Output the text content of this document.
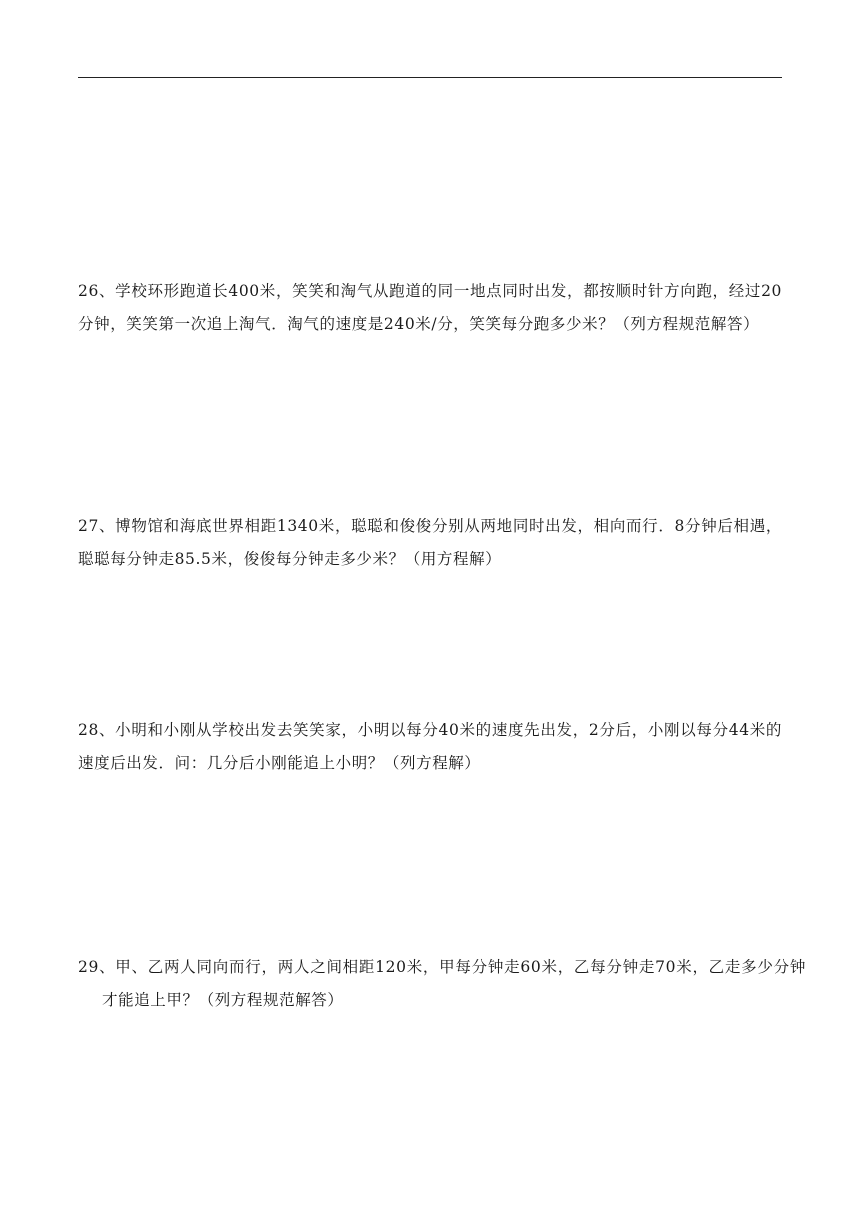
26、学校环形跑道长400米，笑笑和淘气从跑道的同一地点同时出发，都按顺时针方向跑，经过20分钟，笑笑第一次追上淘气．淘气的速度是240米/分，笑笑每分跑多少米？（列方程规范解答）
27、博物馆和海底世界相距1340米，聪聪和俊俊分别从两地同时出发，相向而行．8分钟后相遇，聪聪每分钟走85.5米，俊俊每分钟走多少米？（用方程解）
28、小明和小刚从学校出发去笑笑家，小明以每分40米的速度先出发，2分后，小刚以每分44米的速度后出发．问：几分后小刚能追上小明？（列方程解）
29、甲、乙两人同向而行，两人之间相距120米，甲每分钟走60米，乙每分钟走70米，乙走多少分钟才能追上甲？（列方程规范解答）
